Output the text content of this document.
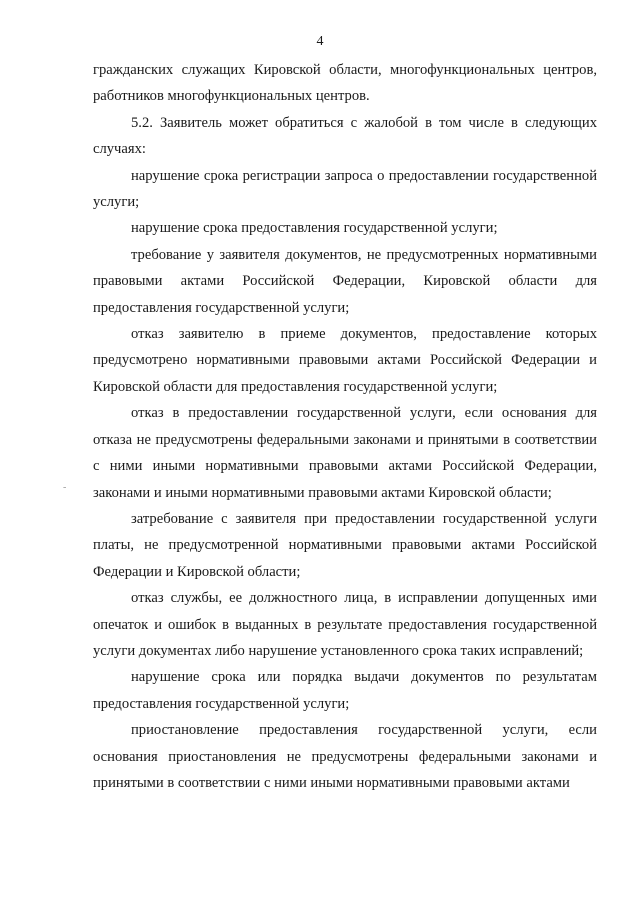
4

гражданских служащих Кировской области, многофункциональных центров, работников многофункциональных центров.

5.2. Заявитель может обратиться с жалобой в том числе в следующих случаях:

нарушение срока регистрации запроса о предоставлении государственной услуги;

нарушение срока предоставления государственной услуги;

требование у заявителя документов, не предусмотренных нормативными правовыми актами Российской Федерации, Кировской области для предоставления государственной услуги;

отказ заявителю в приеме документов, предоставление которых предусмотрено нормативными правовыми актами Российской Федерации и Кировской области для предоставления государственной услуги;

отказ в предоставлении государственной услуги, если основания для отказа не предусмотрены федеральными законами и принятыми в соответствии с ними иными нормативными правовыми актами Российской Федерации, законами и иными нормативными правовыми актами Кировской области;

затребование с заявителя при предоставлении государственной услуги платы, не предусмотренной нормативными правовыми актами Российской Федерации и Кировской области;

отказ службы, ее должностного лица, в исправлении допущенных ими опечаток и ошибок в выданных в результате предоставления государственной услуги документах либо нарушение установленного срока таких исправлений;

нарушение срока или порядка выдачи документов по результатам предоставления государственной услуги;

приостановление предоставления государственной услуги, если основания приостановления не предусмотрены федеральными законами и принятыми в соответствии с ними иными нормативными правовыми актами

-
